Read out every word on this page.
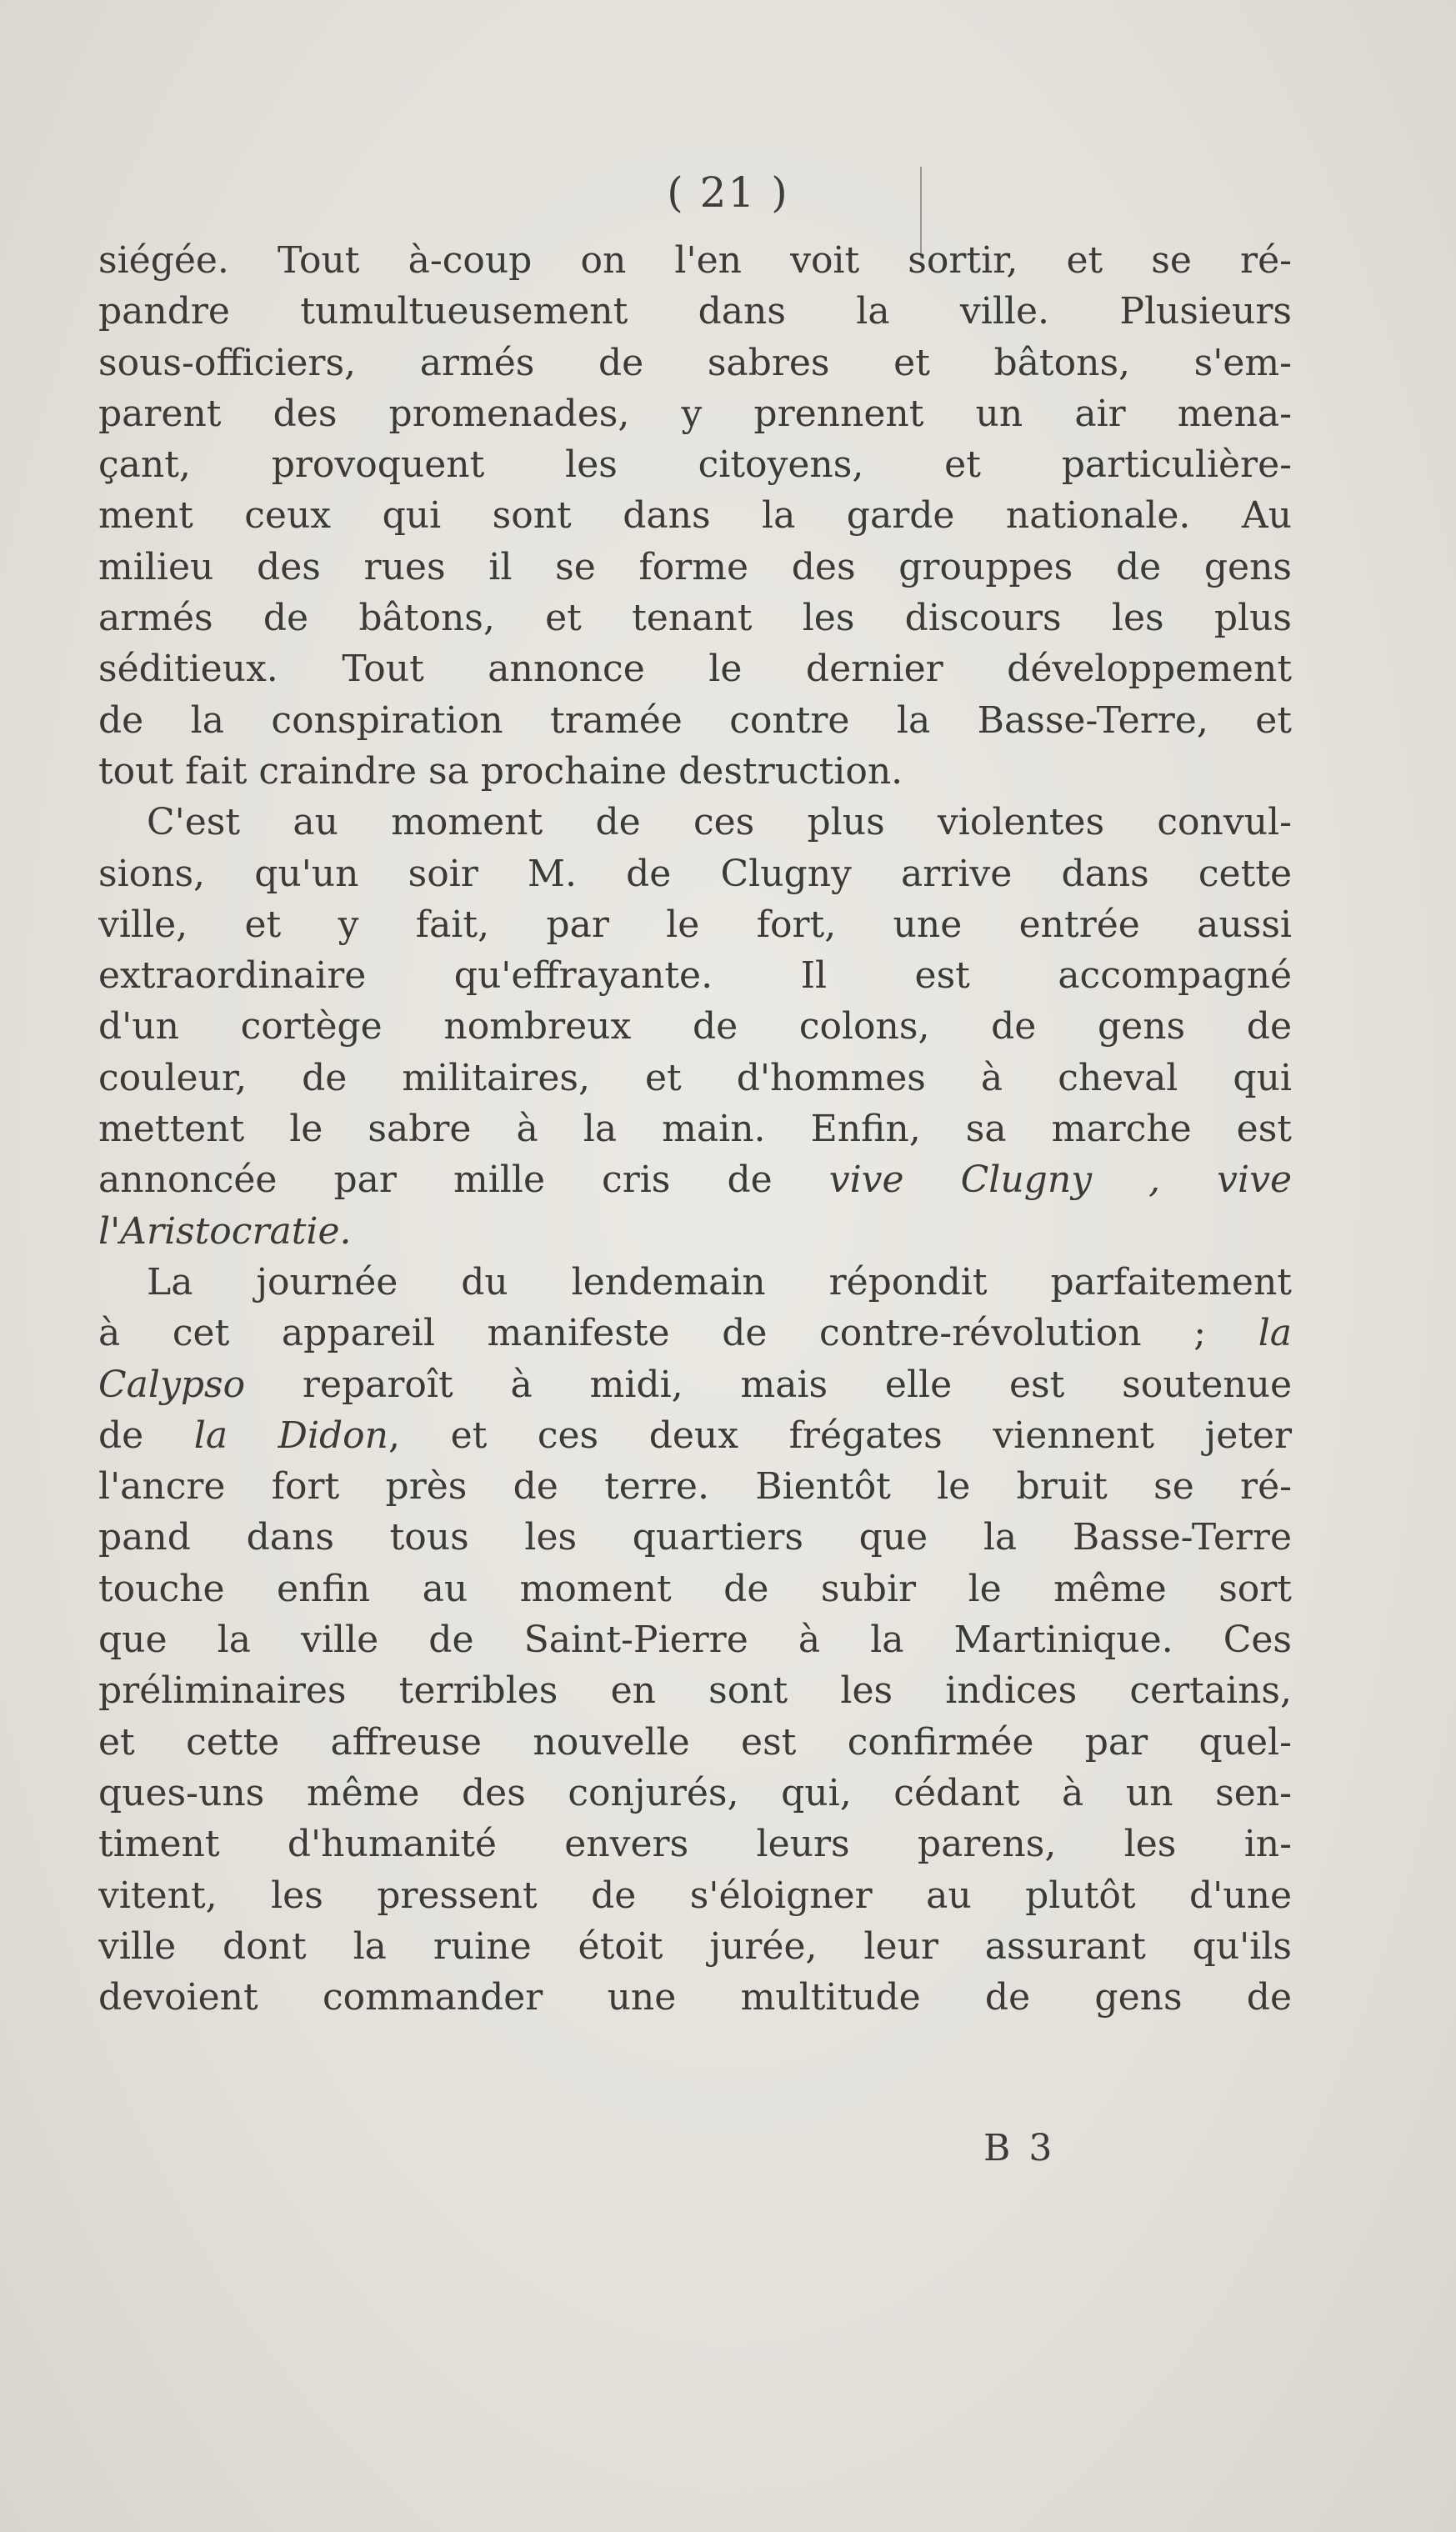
( 21 )
siégée. Tout à-coup on l'en voit sortir, et se ré-
pandre tumultueusement dans la ville. Plusieurs
sous-officiers, armés de sabres et bâtons, s'em-
parent des promenades, y prennent un air mena-
çant, provoquent les citoyens, et particulière-
ment ceux qui sont dans la garde nationale. Au
milieu des rues il se forme des grouppes de gens
armés de bâtons, et tenant les discours les plus
séditieux. Tout annonce le dernier développement
de la conspiration tramée contre la Basse-Terre, et
tout fait craindre sa prochaine destruction.
C'est au moment de ces plus violentes convul-
sions, qu'un soir M. de Clugny arrive dans cette
ville, et y fait, par le fort, une entrée aussi
extraordinaire qu'effrayante. Il est accompagné
d'un cortège nombreux de colons, de gens de
couleur, de militaires, et d'hommes à cheval qui
mettent le sabre à la main. Enfin, sa marche est
annoncée par mille cris de vive Clugny , vive
l'Aristocratie.
La journée du lendemain répondit parfaitement
à cet appareil manifeste de contre-révolution ; la
Calypso reparoît à midi, mais elle est soutenue
de la Didon, et ces deux frégates viennent jeter
l'ancre fort près de terre. Bientôt le bruit se ré-
pand dans tous les quartiers que la Basse-Terre
touche enfin au moment de subir le même sort
que la ville de Saint-Pierre à la Martinique. Ces
préliminaires terribles en sont les indices certains,
et cette affreuse nouvelle est confirmée par quel-
ques-uns même des conjurés, qui, cédant à un sen-
timent d'humanité envers leurs parens, les in-
vitent, les pressent de s'éloigner au plutôt d'une
ville dont la ruine étoit jurée, leur assurant qu'ils
devoient commander une multitude de gens de
B 3
